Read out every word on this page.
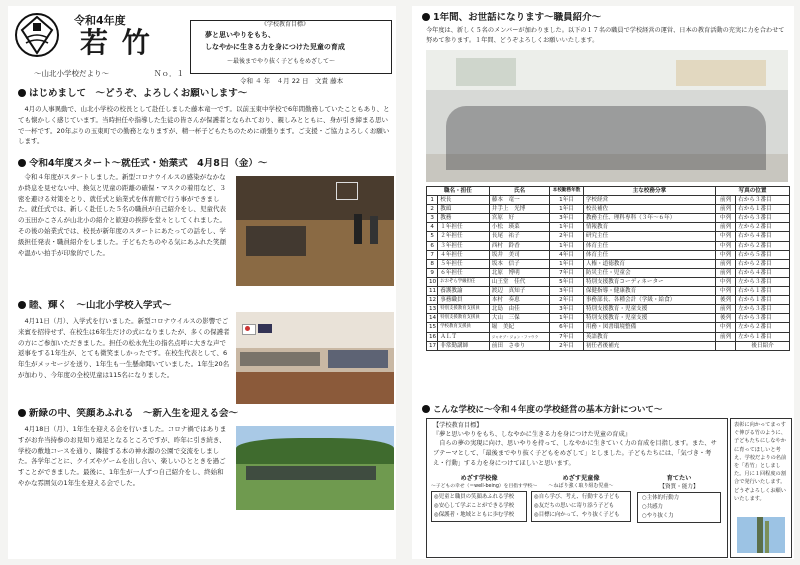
令和4年度
若 竹
〜山北小学校だより〜	Ｎｏ．１
《学校教育目標》
夢と思いやりをもち、
しなやかに生きる力を身につけた児童の育成
〜最後までやり抜く子どもをめざして〜
令和 ４ 年　４月 22 日　文責 藤本
はじめまして　〜どうぞ、よろしくお願いします〜

4月の人事異動で、山北小学校の校長として赴任しました藤本竜一です。以前玉東中学校で6年間勤務していたこともあり、とても懐かしく感じています。当時担任や指導した生徒の皆さんが保護者となられており、親しみとともに、身が引き締まる思いで一杯です。20年ぶりの玉東町での勤務となりますが、精一杯子どもたちのために頑張ります。ご支援・ご協力よろしくお願いします。

令和4年度スタート〜就任式・始業式　4月8日（金）〜

令和４年度がスタートしました。新型コロナウイルスの感染がなかなか終息を見せない中、換気と児童の距離の確保・マスクの着用など、３密を避ける対策をとり、就任式と始業式を体育館で行う事ができました。就任式では、新しく赴任した５名の職員が自己紹介をし、児童代表の玉田かこさんが山北小の紹介と歓迎の挨拶を堂々としてくれました。その後の始業式では、校長が新年度のスタートにあたっての話をし、学級担任発表・職員紹介をしました。子どもたちのやる気にあふれた笑顔や温かい拍手が印象的でした。

睦、輝く　〜山北小学校入学式〜

4月11日（月）、入学式を行いました。新型コロナウイルスの影響でご来賓を招待せず、在校生は6年生だけの式になりましたが、多くの保護者の方にご参加いただきました。担任の松永先生の指名点呼に大きな声で返事をする1年生が、とても微笑ましかったです。在校生代表として、6年生がメッセージを送り、1年生も一生懸命聞いていました。1年生20名が加わり、今年度の全校児童は115名になりました。

新緑の中、笑顔あふれる　〜新入生を迎える会〜

4月18日（月）、1年生を迎える会を行いました。コロナ禍ではありますがお弁当持参のお見知り遠足となるところですが、昨年に引き続き、学校の敷地コースを通り、隣接する本の神水源の公園で交流をしました。各学年ごとに、クイズやゲームを出し合い、楽しいひとときを過ごすことができました。最後に、1年生が一人ずつ自己紹介をし、終始和やかな雰囲気の1年生を迎える会でした。

1年間、お世話になります〜職員紹介〜

今年度は、新しく５名のメンバーが加わりました。以下の１７名の職員で学校経営の運営、日本の教育活動の充実に力を合わせて努めて参ります。１年間、どうぞよろしくお願いいたします。

職名・担任		氏名	本校勤務年数	主な校務分掌	写真の位置	
1	校長	藤本　竜一	1年目	学校経営	前列	右から３番目
2	教頭	井手上　光博	1年目	校長補佐	前列	右から１番目
3	教務	宮原　好	3年目	教務主任、理科専科（３年〜６年）	中列	右から３番目
4	１年担任	小松　瑛菜	1年目	情報教育	前列	左から２番目
5	２年担任	長尾　祐子	2年目	研究主任	中列	右から４番目
6	３年担任	西村　鈴香	1年目	体育主任	中列	右から２番目
7	４年担任	坂井　美司	4年目	体育主任	中列	右から５番目
8	５年担任	坂本　信子	1年目	人権・道徳教育	前列	右から２番目
9	６年担任	北原　博明	7年目	防災主任・児童会	前列	右から４番目
10	おおぞら学級担任	山王堂　佳代	5年目	特別支援教育コーディネーター	中列	左から３番目
11	養護教諭	渡辺　真知子	3年目	保健指導・健康教育	中列	右から１番目
12	事務職員	本村　奏恵	2年目	事務部長、各種会計（学級・給食）	後列	右から１番目
13	特別支援教育支援員	北島　由佳	3年目	特別支援教育・児童支援	前列	左から３番目
14	特別支援教育支援員	大山　三保	1年目	特別支援教育・児童支援	後列	右から３番目
15	学校教育支援員	堀　美紀	6年目	用務・図書環境整備	中列	左から２番目
16	ＡＬＴ	ジャキブ・ジョン・ファウラ	7年目	英語教育	前列	左から１番目
17	非常勤講師	前田　さゆり	2年目	初任者後補充		後日紹介
こんな学校に〜令和４年度の学校経営の基本方針について〜
【学校教育目標】
『夢と思いやりをもち、しなやかに生きる力を身につけた児童の育成』

自らの夢の実現に向け、思いやりを持って、しなやかに生きていく力の育成を目指します。また、サブテーマとして、「最後までやり抜く子どもをめざして」としました。子どもたちには、「気づき・考え・行動」する力を身につけてほしいと思います。

めざす学校像
〜子どもの幸せ（＝well-being）を目指す学校〜
◎児童と職員の笑顔あふれる学校
◎安心して学ぶことができる学校
◎保護者・地域とともに歩む学校
めざす児童像
〜ねばり強く取り組む児童〜
◎自ら学び、考え、行動する子ども
◎友だちの思いに寄り添う子ども
◎目標に向かって、やり抜く子ども
育てたい
【資質・能力】
○主体的行動力
○共感力
○やり抜く力

表彰に向かってまっすぐ伸びる竹のように、子どもたちにしなやかに育ってほしいと考え、学校だよりの名前を「若竹」としました。月に１回程度の割合で発行いたします。どうぞよろしくお願いいたします。
